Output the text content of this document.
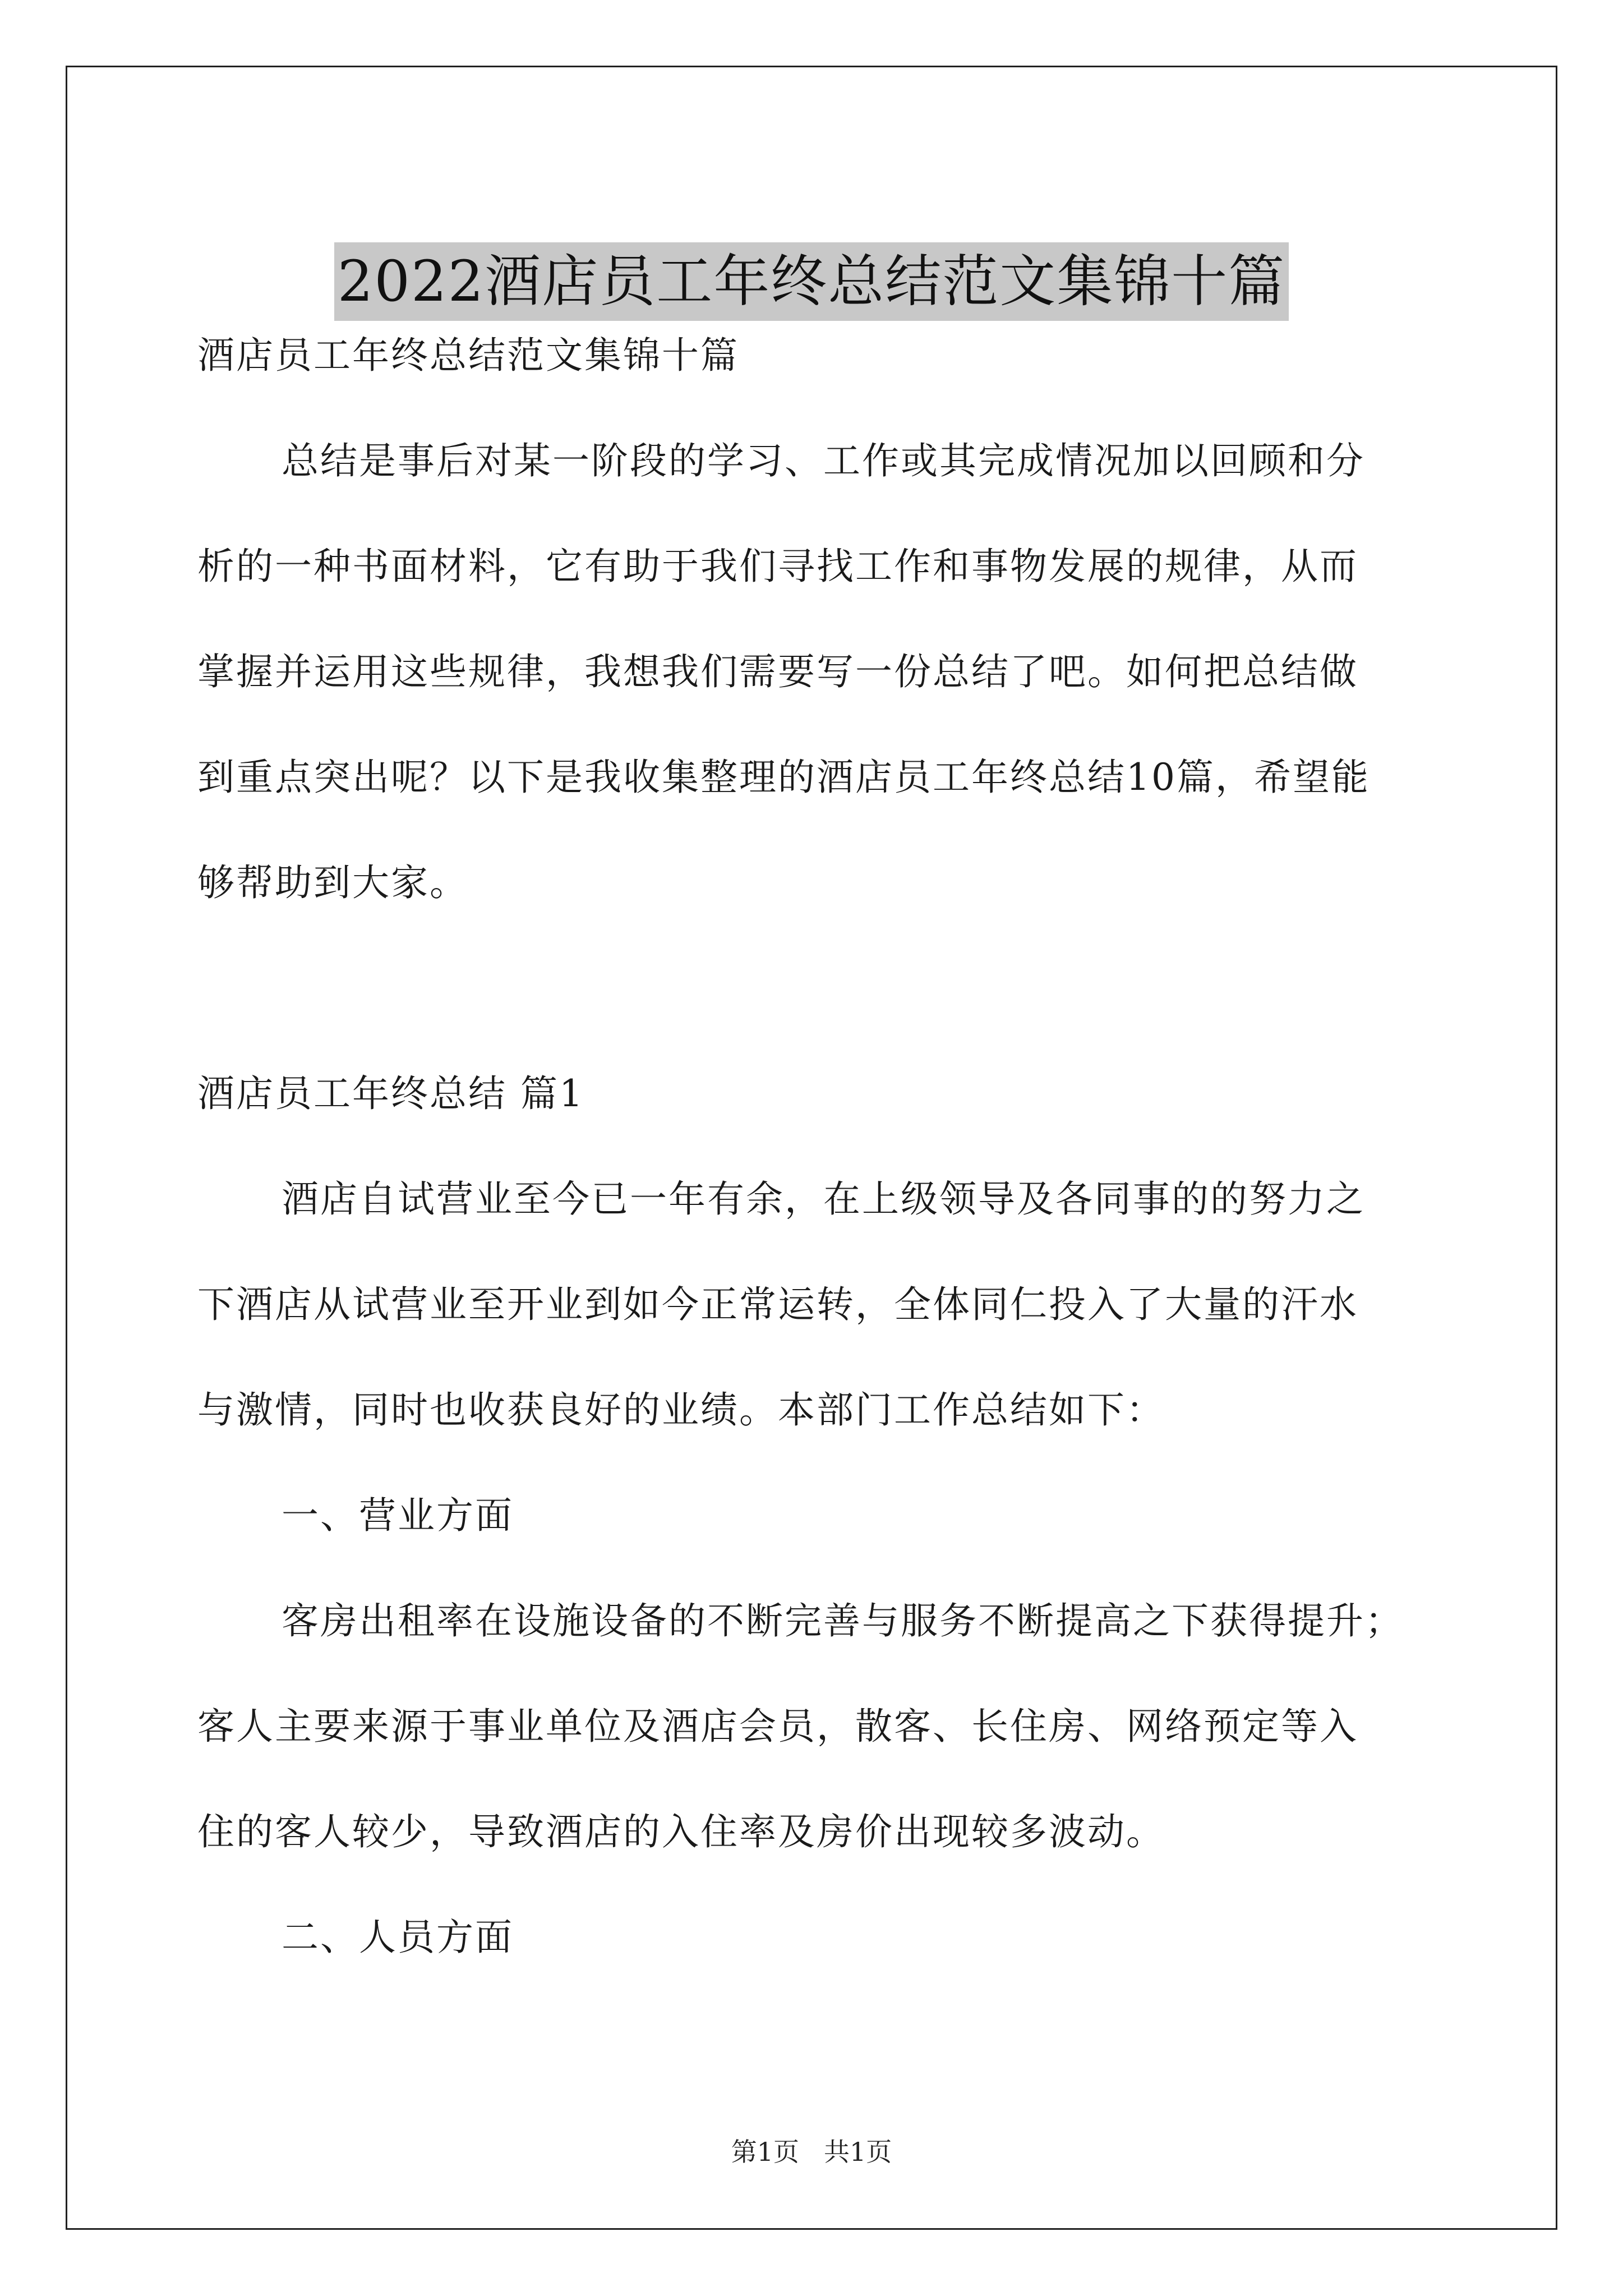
2022酒店员工年终总结范文集锦十篇
酒店员工年终总结范文集锦十篇
总结是事后对某一阶段的学习、工作或其完成情况加以回顾和分
析的一种书面材料，它有助于我们寻找工作和事物发展的规律，从而
掌握并运用这些规律，我想我们需要写一份总结了吧。如何把总结做
到重点突出呢？以下是我收集整理的酒店员工年终总结10篇，希望能
够帮助到大家。
酒店员工年终总结 篇1
酒店自试营业至今已一年有余，在上级领导及各同事的的努力之
下酒店从试营业至开业到如今正常运转，全体同仁投入了大量的汗水
与激情，同时也收获良好的业绩。本部门工作总结如下：
一、营业方面
客房出租率在设施设备的不断完善与服务不断提高之下获得提升；
客人主要来源于事业单位及酒店会员，散客、长住房、网络预定等入
住的客人较少，导致酒店的入住率及房价出现较多波动。
二、人员方面
第1页 共1页
